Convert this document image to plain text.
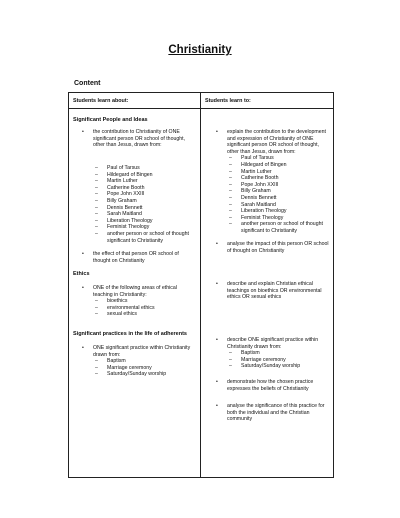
Christianity
Content
Students learn about:	Students learn to:
Significant People and Ideas
• the contribution to Christianity of ONE significant person OR school of thought, other than Jesus, drawn from:
– Paul of Tarsus
– Hildegard of Bingen
– Martin Luther
– Catherine Booth
– Pope John XXIII
– Billy Graham
– Dennis Bennett
– Sarah Maitland
– Liberation Theology
– Feminist Theology
– another person or school of thought significant to Christianity
• the effect of that person OR school of thought on Christianity
Ethics
• ONE of the following areas of ethical teaching in Christianity:
– bioethics
– environmental ethics
– sexual ethics
Significant practices in the life of adherents
• ONE significant practice within Christianity drawn from:
– Baptism
– Marriage ceremony
– Saturday/Sunday worship
• explain the contribution to the development and expression of Christianity of ONE significant person OR school of thought, other than Jesus, drawn from:
– Paul of Tarsus
– Hildegard of Bingen
– Martin Luther
– Catherine Booth
– Pope John XXIII
– Billy Graham
– Dennis Bennett
– Sarah Maitland
– Liberation Theology
– Feminist Theology
– another person or school of thought significant to Christianity
• analyse the impact of this person OR school of thought on Christianity
• describe and explain Christian ethical teachings on bioethics OR environmental ethics OR sexual ethics
• describe ONE significant practice within Christianity drawn from:
– Baptism
– Marriage ceremony
– Saturday/Sunday worship
• demonstrate how the chosen practice expresses the beliefs of Christianity
• analyse the significance of this practice for both the individual and the Christian community
